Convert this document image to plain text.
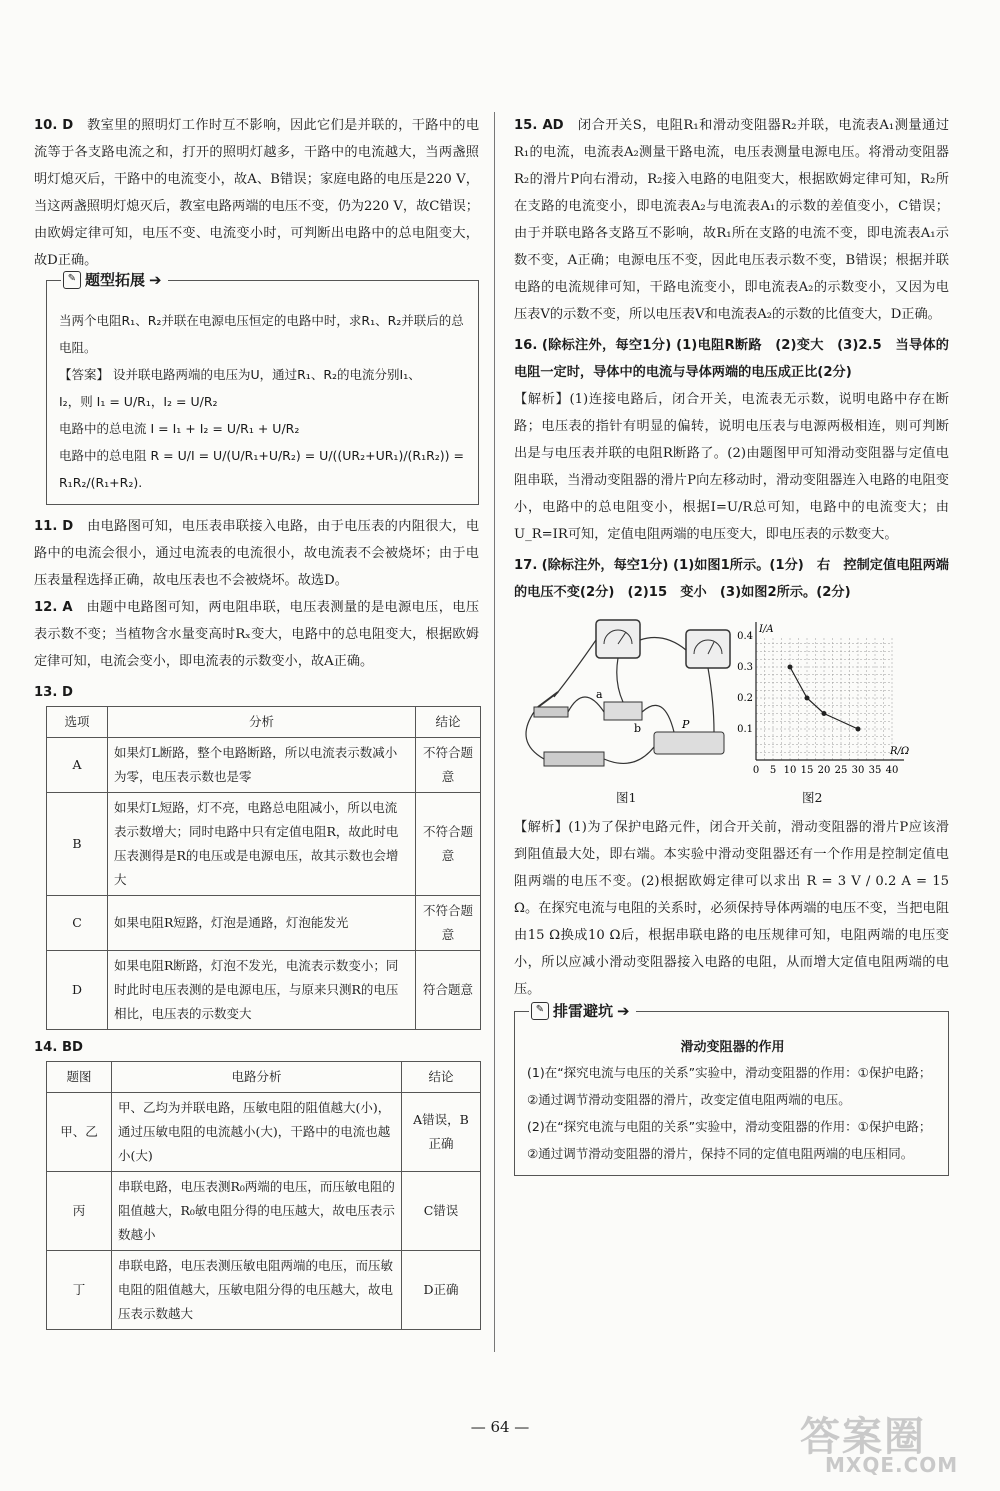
10. D　 教室里的照明灯工作时互不影响，因此它们是并联的，干路中的电流等于各支路电流之和，打开的照明灯越多，干路中的电流越大，当两盏照明灯熄灭后，干路中的电流变小，故A、B错误；家庭电路的电压是220 V，当这两盏照明灯熄灭后，教室电路两端的电压不变，仍为220 V，故C错误；由欧姆定律可知，电压不变、电流变小时，可判断出电路中的总电阻变大，故D正确。

✎ 题型拓展 ➔

当两个电阻R₁、R₂并联在电源电压恒定的电路中时，求R₁、R₂并联后的总电阻。

【答案】 设并联电路两端的电压为U，通过R₁、R₂的电流分别I₁、

I₂，则 I₁ = U/R₁，I₂ = U/R₂

电路中的总电流 I = I₁ + I₂ = U/R₁ + U/R₂

电路中的总电阻 R = U/I = U/(U/R₁+U/R₂) = U/((UR₂+UR₁)/(R₁R₂)) = R₁R₂/(R₁+R₂).

11. D　 由电路图可知，电压表串联接入电路，由于电压表的内阻很大，电路中的电流会很小，通过电流表的电流很小，故电流表不会被烧坏；由于电压表量程选择正确，故电压表也不会被烧坏。故选D。

12. A　 由题中电路图可知，两电阻串联，电压表测量的是电源电压，电压表示数不变；当植物含水量变高时Rₓ变大，电路中的总电阻变大，根据欧姆定律可知，电流会变小，即电流表的示数变小，故A正确。

13. D

选项	分析	结论
A	如果灯L断路，整个电路断路，所以电流表示数减小为零，电压表示数也是零	不符合题意
B	如果灯L短路，灯不亮，电路总电阻减小，所以电流表示数增大；同时电路中只有定值电阻R，故此时电压表测得是R的电压或是电源电压，故其示数也会增大	不符合题意
C	如果电阻R短路，灯泡是通路，灯泡能发光	不符合题意
D	如果电阻R断路，灯泡不发光，电流表示数变小；同时此时电压表测的是电源电压，与原来只测R的电压相比，电压表的示数变大	符合题意

14. BD

题图	电路分析	结论
甲、乙	甲、乙均为并联电路，压敏电阻的阻值越大(小)，通过压敏电阻的电流越小(大)，干路中的电流也越小(大)	A错误，B正确
丙	串联电路，电压表测R₀两端的电压，而压敏电阻的阻值越大，R₀敏电阻分得的电压越大，故电压表示数越小	C错误
丁	串联电路，电压表测压敏电阻两端的电压，而压敏电阻的阻值越大，压敏电阻分得的电压越大，故电压表示数越大	D正确

15. AD　 闭合开关S，电阻R₁和滑动变阻器R₂并联，电流表A₁测量通过R₁的电流，电流表A₂测量干路电流，电压表测量电源电压。将滑动变阻器R₂的滑片P向右滑动，R₂接入电路的电阻变大，根据欧姆定律可知，R₂所在支路的电流变小，即电流表A₂与电流表A₁的示数的差值变小，C错误；由于并联电路各支路互不影响，故R₁所在支路的电流不变，即电流表A₁示数不变，A正确；电源电压不变，因此电压表示数不变，B错误；根据并联电路的电流规律可知，干路电流变小，即电流表A₂的示数变小，又因为电压表V的示数不变，所以电压表V和电流表A₂的示数的比值变大，D正确。

16. (除标注外，每空1分) (1)电阻R断路　(2)变大　(3)2.5　当导体的电阻一定时，导体中的电流与导体两端的电压成正比(2分)

【解析】(1)连接电路后，闭合开关，电流表无示数，说明电路中存在断路；电压表的指针有明显的偏转，说明电压表与电源两极相连，则可判断出是与电压表并联的电阻R断路了。(2)由题图甲可知滑动变阻器与定值电阻串联，当滑动变阻器的滑片P向左移动时，滑动变阻器连入电路的电阻变小，电路中的总电阻变小，根据I=U/R总可知，电路中的电流变大；由U_R=IR可知，定值电阻两端的电压变大，即电压表的示数变大。

17. (除标注外，每空1分) (1)如图1所示。(1分)　右　控制定值电阻两端的电压不变(2分)　(2)15　变小　(3)如图2所示。(2分)

a
b	P
图1
0 5 10 15 20 25 30 35 40
0.1
0.2
0.3
0.4
I/A
R/Ω
图2

【解析】(1)为了保护电路元件，闭合开关前，滑动变阻器的滑片P应该滑到阻值最大处，即右端。本实验中滑动变阻器还有一个作用是控制定值电阻两端的电压不变。(2)根据欧姆定律可以求出 R = 3 V / 0.2 A = 15 Ω。在探究电流与电阻的关系时，必须保持导体两端的电压不变，当把电阻由15 Ω换成10 Ω后，根据串联电路的电压规律可知，电阻两端的电压变小，所以应减小滑动变阻器接入电路的电阻，从而增大定值电阻两端的电压。

✎ 排雷避坑 ➔

滑动变阻器的作用

(1)在“探究电流与电压的关系”实验中，滑动变阻器的作用：①保护电路；②通过调节滑动变阻器的滑片，改变定值电阻两端的电压。

(2)在“探究电流与电阻的关系”实验中，滑动变阻器的作用：①保护电路；②通过调节滑动变阻器的滑片，保持不同的定值电阻两端的电压相同。

— 64 —	答案圈
MXQE.COM
